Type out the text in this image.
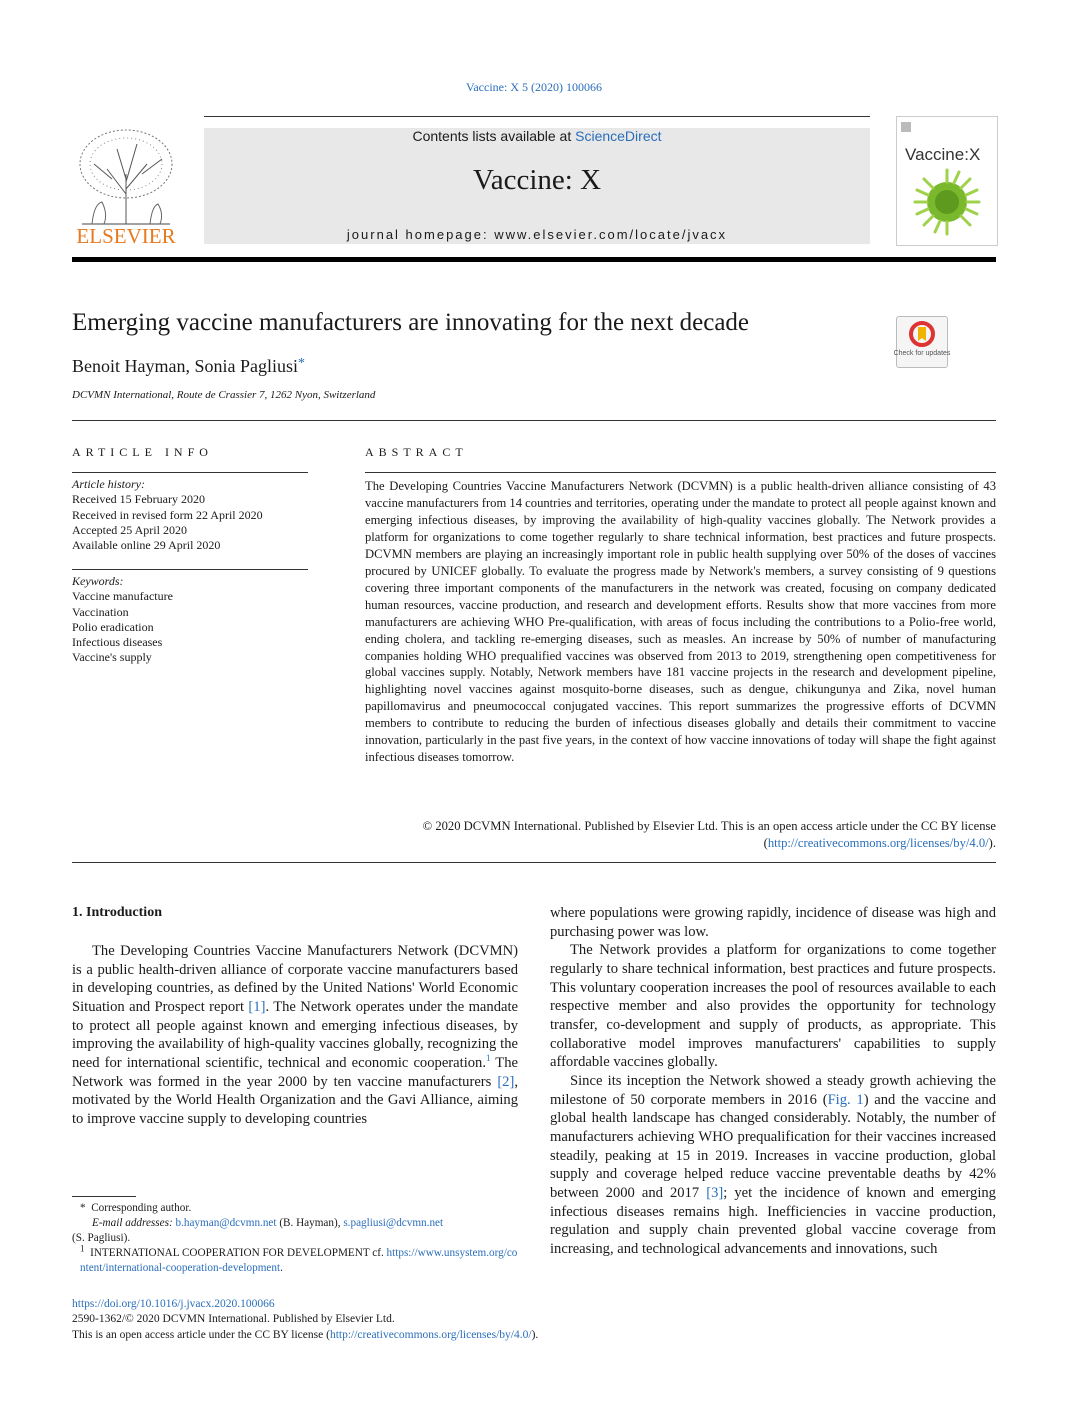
Vaccine: X 5 (2020) 100066
ELSEVIER
Contents lists available at ScienceDirect
Vaccine: X
journal homepage: www.elsevier.com/locate/jvacx
Vaccine:X
Emerging vaccine manufacturers are innovating for the next decade
Check for updates
Benoit Hayman, Sonia Pagliusi*
DCVMN International, Route de Crassier 7, 1262 Nyon, Switzerland
ARTICLE INFO
Article history:
Received 15 February 2020
Received in revised form 22 April 2020
Accepted 25 April 2020
Available online 29 April 2020
Keywords:
Vaccine manufacture
Vaccination
Polio eradication
Infectious diseases
Vaccine's supply
ABSTRACT
The Developing Countries Vaccine Manufacturers Network (DCVMN) is a public health-driven alliance consisting of 43 vaccine manufacturers from 14 countries and territories, operating under the mandate to protect all people against known and emerging infectious diseases, by improving the availability of high-quality vaccines globally. The Network provides a platform for organizations to come together regularly to share technical information, best practices and future prospects. DCVMN members are playing an increasingly important role in public health supplying over 50% of the doses of vaccines procured by UNICEF globally. To evaluate the progress made by Network's members, a survey consisting of 9 questions covering three important components of the manufacturers in the network was created, focusing on company dedicated human resources, vaccine production, and research and development efforts. Results show that more vaccines from more manufacturers are achieving WHO Pre-qualification, with areas of focus including the contributions to a Polio-free world, ending cholera, and tackling re-emerging diseases, such as measles. An increase by 50% of number of manufacturing companies holding WHO prequalified vaccines was observed from 2013 to 2019, strengthening open competitiveness for global vaccines supply. Notably, Network members have 181 vaccine projects in the research and development pipeline, highlighting novel vaccines against mosquito-borne diseases, such as dengue, chikungunya and Zika, novel human papillomavirus and pneumococcal conjugated vaccines. This report summarizes the progressive efforts of DCVMN members to contribute to reducing the burden of infectious diseases globally and details their commitment to vaccine innovation, particularly in the past five years, in the context of how vaccine innovations of today will shape the fight against infectious diseases tomorrow.
© 2020 DCVMN International. Published by Elsevier Ltd. This is an open access article under the CC BY license (http://creativecommons.org/licenses/by/4.0/).
1. Introduction

The Developing Countries Vaccine Manufacturers Network (DCVMN) is a public health-driven alliance of corporate vaccine manufacturers based in developing countries, as defined by the United Nations' World Economic Situation and Prospect report [1]. The Network operates under the mandate to protect all people against known and emerging infectious diseases, by improving the availability of high-quality vaccines globally, recognizing the need for international scientific, technical and economic cooperation.$^1$ The Network was formed in the year 2000 by ten vaccine manufacturers [2], motivated by the World Health Organization and the Gavi Alliance, aiming to improve vaccine supply to developing countries

where populations were growing rapidly, incidence of disease was high and purchasing power was low.

The Network provides a platform for organizations to come together regularly to share technical information, best practices and future prospects. This voluntary cooperation increases the pool of resources available to each respective member and also provides the opportunity for technology transfer, co-development and supply of products, as appropriate. This collaborative model improves manufacturers' capabilities to supply affordable vaccines globally.

Since its inception the Network showed a steady growth achieving the milestone of 50 corporate members in 2016 (Fig. 1) and the vaccine and global health landscape has changed considerably. Notably, the number of manufacturers achieving WHO prequalification for their vaccines increased steadily, peaking at 15 in 2019. Increases in vaccine production, global supply and coverage helped reduce vaccine preventable deaths by 42% between 2000 and 2017 [3]; yet the incidence of known and emerging infectious diseases remains high. Inefficiencies in vaccine production, regulation and supply chain prevented global vaccine coverage from increasing, and technological advancements and innovations, such

* Corresponding author.
E-mail addresses: b.hayman@dcvmn.net (B. Hayman), s.pagliusi@dcvmn.net
(S. Pagliusi).
$^1$ INTERNATIONAL COOPERATION FOR DEVELOPMENT cf. https://www.unsystem.org/content/international-cooperation-development.
https://doi.org/10.1016/j.jvacx.2020.100066
2590-1362/© 2020 DCVMN International. Published by Elsevier Ltd.
This is an open access article under the CC BY license (http://creativecommons.org/licenses/by/4.0/).
